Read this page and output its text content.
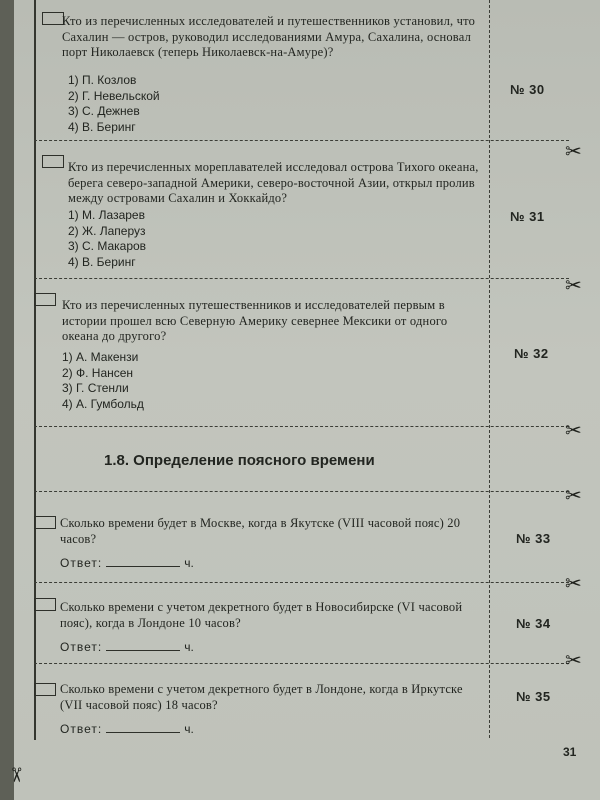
Кто из перечисленных исследователей и путешественников установил, что Сахалин — остров, руководил исследованиями Амура, Сахалина, основал порт Николаевск (теперь Николаевск-на-Амуре)?
1) П. Козлов
2) Г. Невельской
3) С. Дежнев
4) В. Беринг
№ 30
✂
Кто из перечисленных мореплавателей исследовал острова Тихого океана, берега северо-западной Америки, северо-восточной Азии, открыл пролив между островами Сахалин и Хоккайдо?
1) М. Лазарев
2) Ж. Лаперуз
3) С. Макаров
4) В. Беринг
№ 31
✂
Кто из перечисленных путешественников и исследователей первым в истории прошел всю Северную Америку севернее Мексики от одного океана до другого?
1) А. Макензи
2) Ф. Нансен
3) Г. Стенли
4) А. Гумбольд
№ 32
✂
1.8. Определение поясного времени
✂
Сколько времени будет в Москве, когда в Якутске (VIII часовой пояс) 20 часов?
Ответ:	ч.
№ 33
✂
Сколько времени с учетом декретного будет в Новосибирске (VI часовой пояс), когда в Лондоне 10 часов?
Ответ:	ч.
№ 34
✂
Сколько времени с учетом декретного будет в Лондоне, когда в Иркутске (VII часовой пояс) 18 часов?
Ответ:	ч.
№ 35
31
✂
